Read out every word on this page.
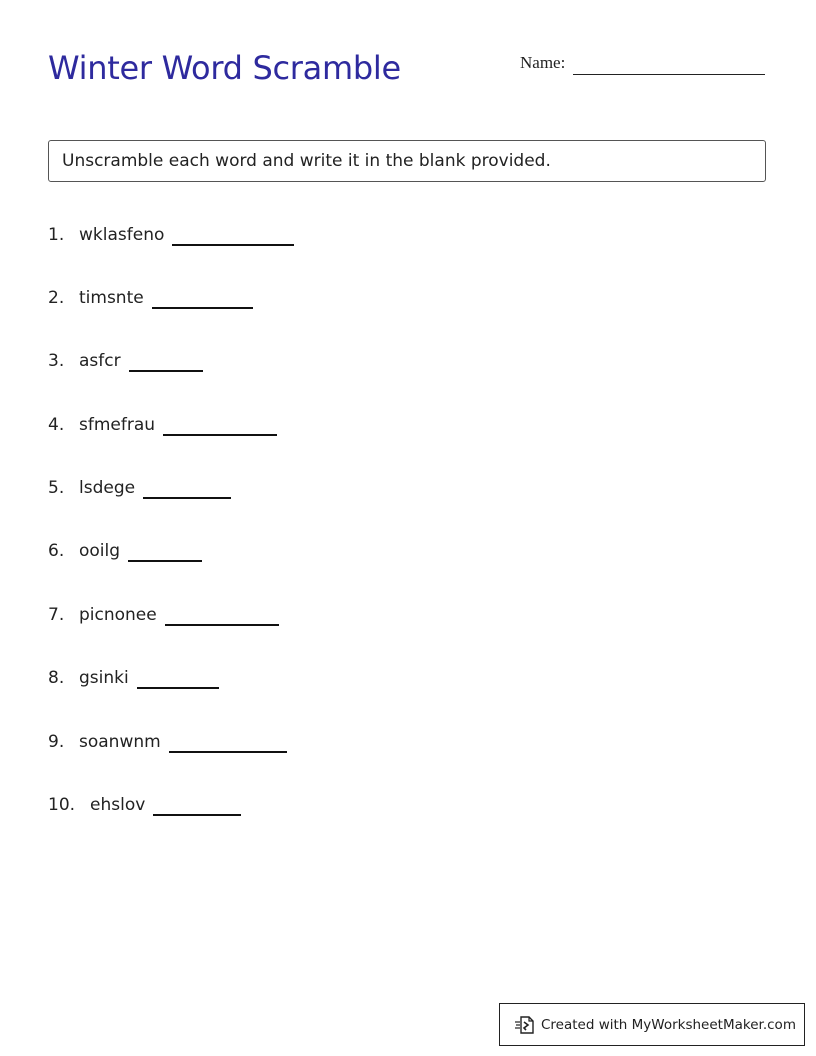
Winter Word Scramble	Name:
Unscramble each word and write it in the blank provided.
1. wklasfeno
2. timsnte
3. asfcr
4. sfmefrau
5. lsdege
6. ooilg
7. picnonee
8. gsinki
9. soanwnm
10. ehslov
Created with MyWorksheetMaker.com
